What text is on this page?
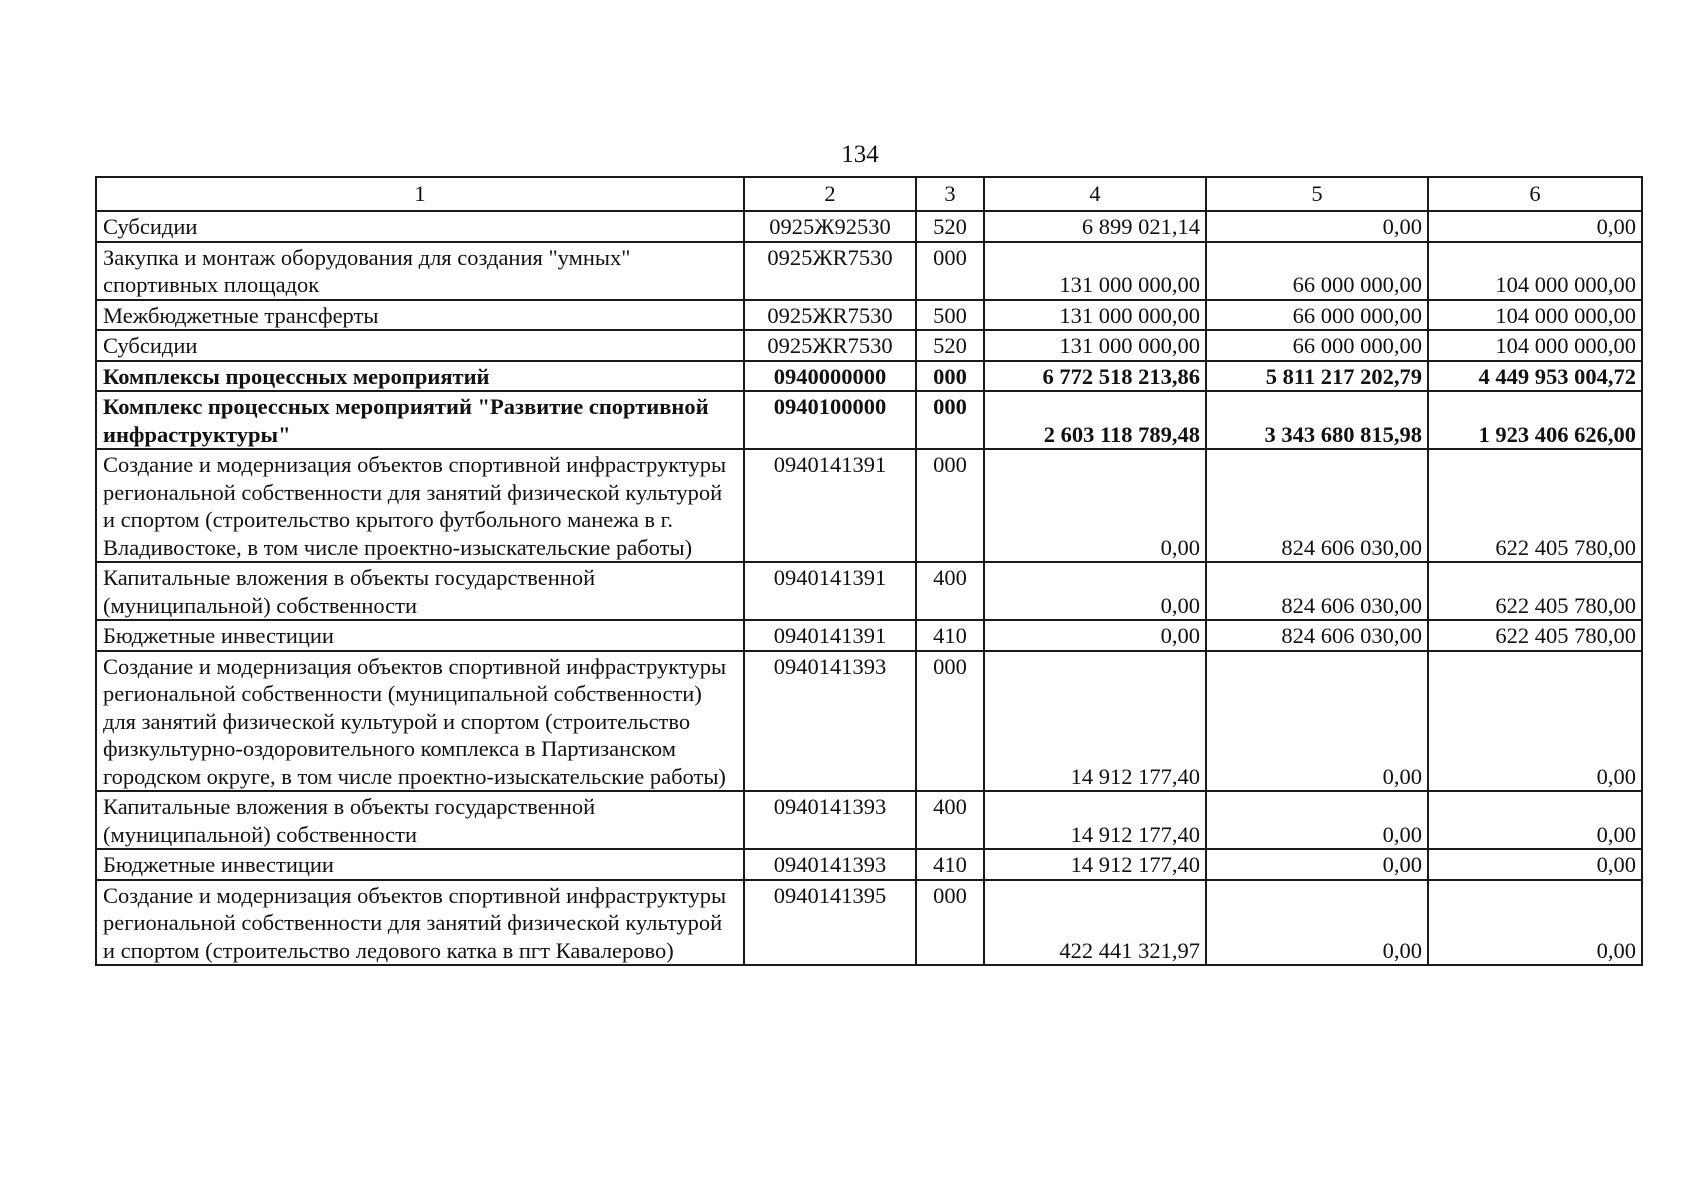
134
1	2	3	4	5	6
Субсидии	0925Ж92530	520	6 899 021,14	0,00	0,00
Закупка и монтаж оборудования для создания "умных" спортивных площадок	0925ЖR7530	000	131 000 000,00	66 000 000,00	104 000 000,00
Межбюджетные трансферты	0925ЖR7530	500	131 000 000,00	66 000 000,00	104 000 000,00
Субсидии	0925ЖR7530	520	131 000 000,00	66 000 000,00	104 000 000,00
Комплексы процессных мероприятий	0940000000	000	6 772 518 213,86	5 811 217 202,79	4 449 953 004,72
Комплекс процессных мероприятий "Развитие спортивной инфраструктуры"	0940100000	000	2 603 118 789,48	3 343 680 815,98	1 923 406 626,00
Создание и модернизация объектов спортивной инфраструктуры региональной собственности для занятий физической культурой и спортом (строительство крытого футбольного манежа в г. Владивостоке, в том числе проектно-изыскательские работы)	0940141391	000	0,00	824 606 030,00	622 405 780,00
Капитальные вложения в объекты государственной (муниципальной) собственности	0940141391	400	0,00	824 606 030,00	622 405 780,00
Бюджетные инвестиции	0940141391	410	0,00	824 606 030,00	622 405 780,00
Создание и модернизация объектов спортивной инфраструктуры региональной собственности (муниципальной собственности) для занятий физической культурой и спортом (строительство физкультурно-оздоровительного комплекса в Партизанском городском округе, в том числе проектно-изыскательские работы)	0940141393	000	14 912 177,40	0,00	0,00
Капитальные вложения в объекты государственной (муниципальной) собственности	0940141393	400	14 912 177,40	0,00	0,00
Бюджетные инвестиции	0940141393	410	14 912 177,40	0,00	0,00
Создание и модернизация объектов спортивной инфраструктуры региональной собственности для занятий физической культурой и спортом (строительство ледового катка в пгт Кавалерово)	0940141395	000	422 441 321,97	0,00	0,00
